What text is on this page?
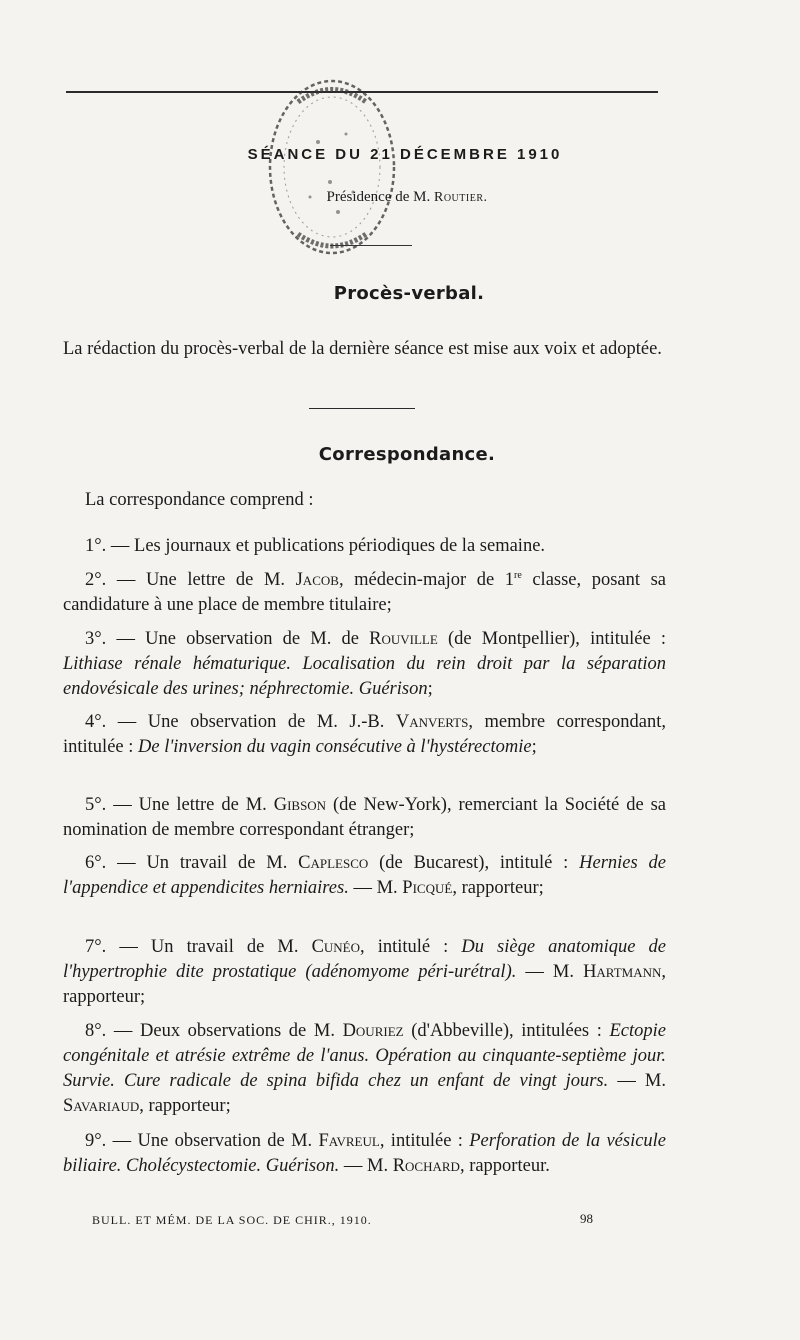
SÉANCE DU 21 DÉCEMBRE 1910
Présidence de M. Routier.
Procès-verbal.
La rédaction du procès-verbal de la dernière séance est mise aux voix et adoptée.
Correspondance.
La correspondance comprend :
1°. — Les journaux et publications périodiques de la semaine.
2°. — Une lettre de M. Jacob, médecin-major de 1re classe, posant sa candidature à une place de membre titulaire;
3°. — Une observation de M. de Rouville (de Montpellier), intitulée : Lithiase rénale hématurique. Localisation du rein droit par la séparation endovésicale des urines; néphrectomie. Guérison;
4°. — Une observation de M. J.-B. Vanverts, membre correspondant, intitulée : De l'inversion du vagin consécutive à l'hystérectomie;
5°. — Une lettre de M. Gibson (de New-York), remerciant la Société de sa nomination de membre correspondant étranger;
6°. — Un travail de M. Caplesco (de Bucarest), intitulé : Hernies de l'appendice et appendicites herniaires. — M. Picqué, rapporteur;
7°. — Un travail de M. Cunéo, intitulé : Du siège anatomique de l'hypertrophie dite prostatique (adénomyome péri-urétral). — M. Hartmann, rapporteur;
8°. — Deux observations de M. Douriez (d'Abbeville), intitulées : Ectopie congénitale et atrésie extrême de l'anus. Opération au cinquante-septième jour. Survie. Cure radicale de spina bifida chez un enfant de vingt jours. — M. Savariaud, rapporteur;
9°. — Une observation de M. Favreul, intitulée : Perforation de la vésicule biliaire. Cholécystectomie. Guérison. — M. Rochard, rapporteur.
BULL. ET MÉM. DE LA SOC. DE CHIR., 1910.	98
